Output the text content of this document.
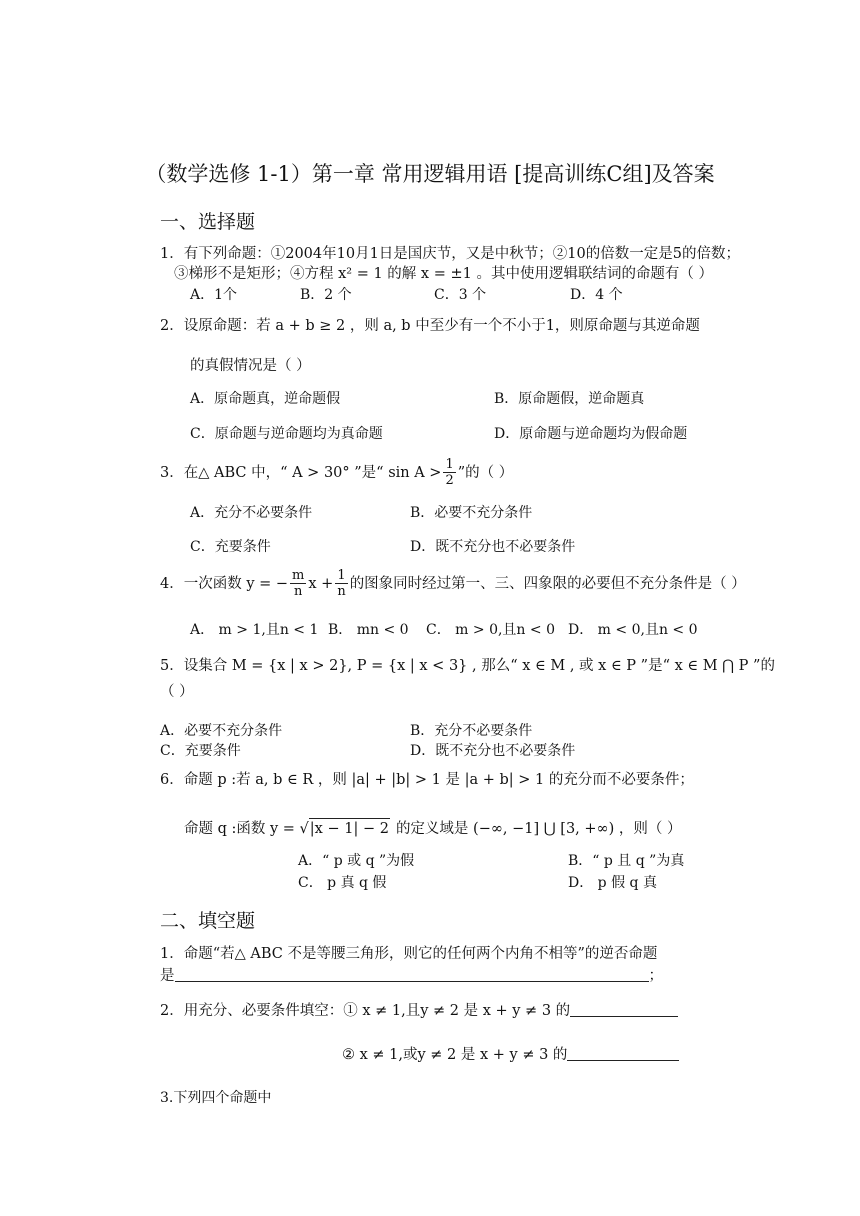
（数学选修 1-1）第一章 常用逻辑用语 [提高训练C组]及答案
一、选择题
1．有下列命题：①2004年10月1日是国庆节，又是中秋节；②10的倍数一定是5的倍数；
③梯形不是矩形；④方程 x² = 1 的解 x = ±1 。其中使用逻辑联结词的命题有（ ）
A．1个	B．2 个	C．3 个	D．4 个
2．设原命题：若 a + b ≥ 2 ，则 a, b 中至少有一个不小于1，则原命题与其逆命题
的真假情况是（ ）
A．原命题真，逆命题假	B．原命题假，逆命题真
C．原命题与逆命题均为真命题	D．原命题与逆命题均为假命题
3．在△ ABC 中，“ A > 30° ”是“ $\sin A > \frac{1}{2}$ ”的（ ）
A．充分不必要条件	B．必要不充分条件
C．充要条件	D．既不充分也不必要条件
4．一次函数 y = − $\frac{m}{n}$ $x + \frac{1}{n}$ 的图象同时经过第一、三、四象限的必要但不充分条件是（ ）
A． m > 1,且n < 1 B． mn < 0 C． m > 0,且n < 0 D． m < 0,且n < 0
5．设集合 M = {x | x > 2}, P = {x | x < 3} , 那么“ x ∈ M , 或 x ∈ P ”是“ x ∈ M ⋂ P ”的
（ ）
A．必要不充分条件	B．充分不必要条件
C．充要条件	D．既不充分也不必要条件
6．命题 p :若 a, b ∈ R ，则 |a| + |b| > 1 是 |a + b| > 1 的充分而不必要条件；
命题 q :函数 y = √ |x − 1| − 2 的定义域是 (−∞, −1] ⋃ [3, +∞) ，则（ ）
A．“ p 或 q ”为假	B．“ p 且 q ”为真
C． p 真 q 假	D． p 假 q 真
二、填空题
1．命题“若△ ABC 不是等腰三角形，则它的任何两个内角不相等”的逆否命题
是	；
2．用充分、必要条件填空：① x ≠ 1,且y ≠ 2 是 x + y ≠ 3 的
② x ≠ 1,或y ≠ 2 是 x + y ≠ 3 的
3.下列四个命题中
